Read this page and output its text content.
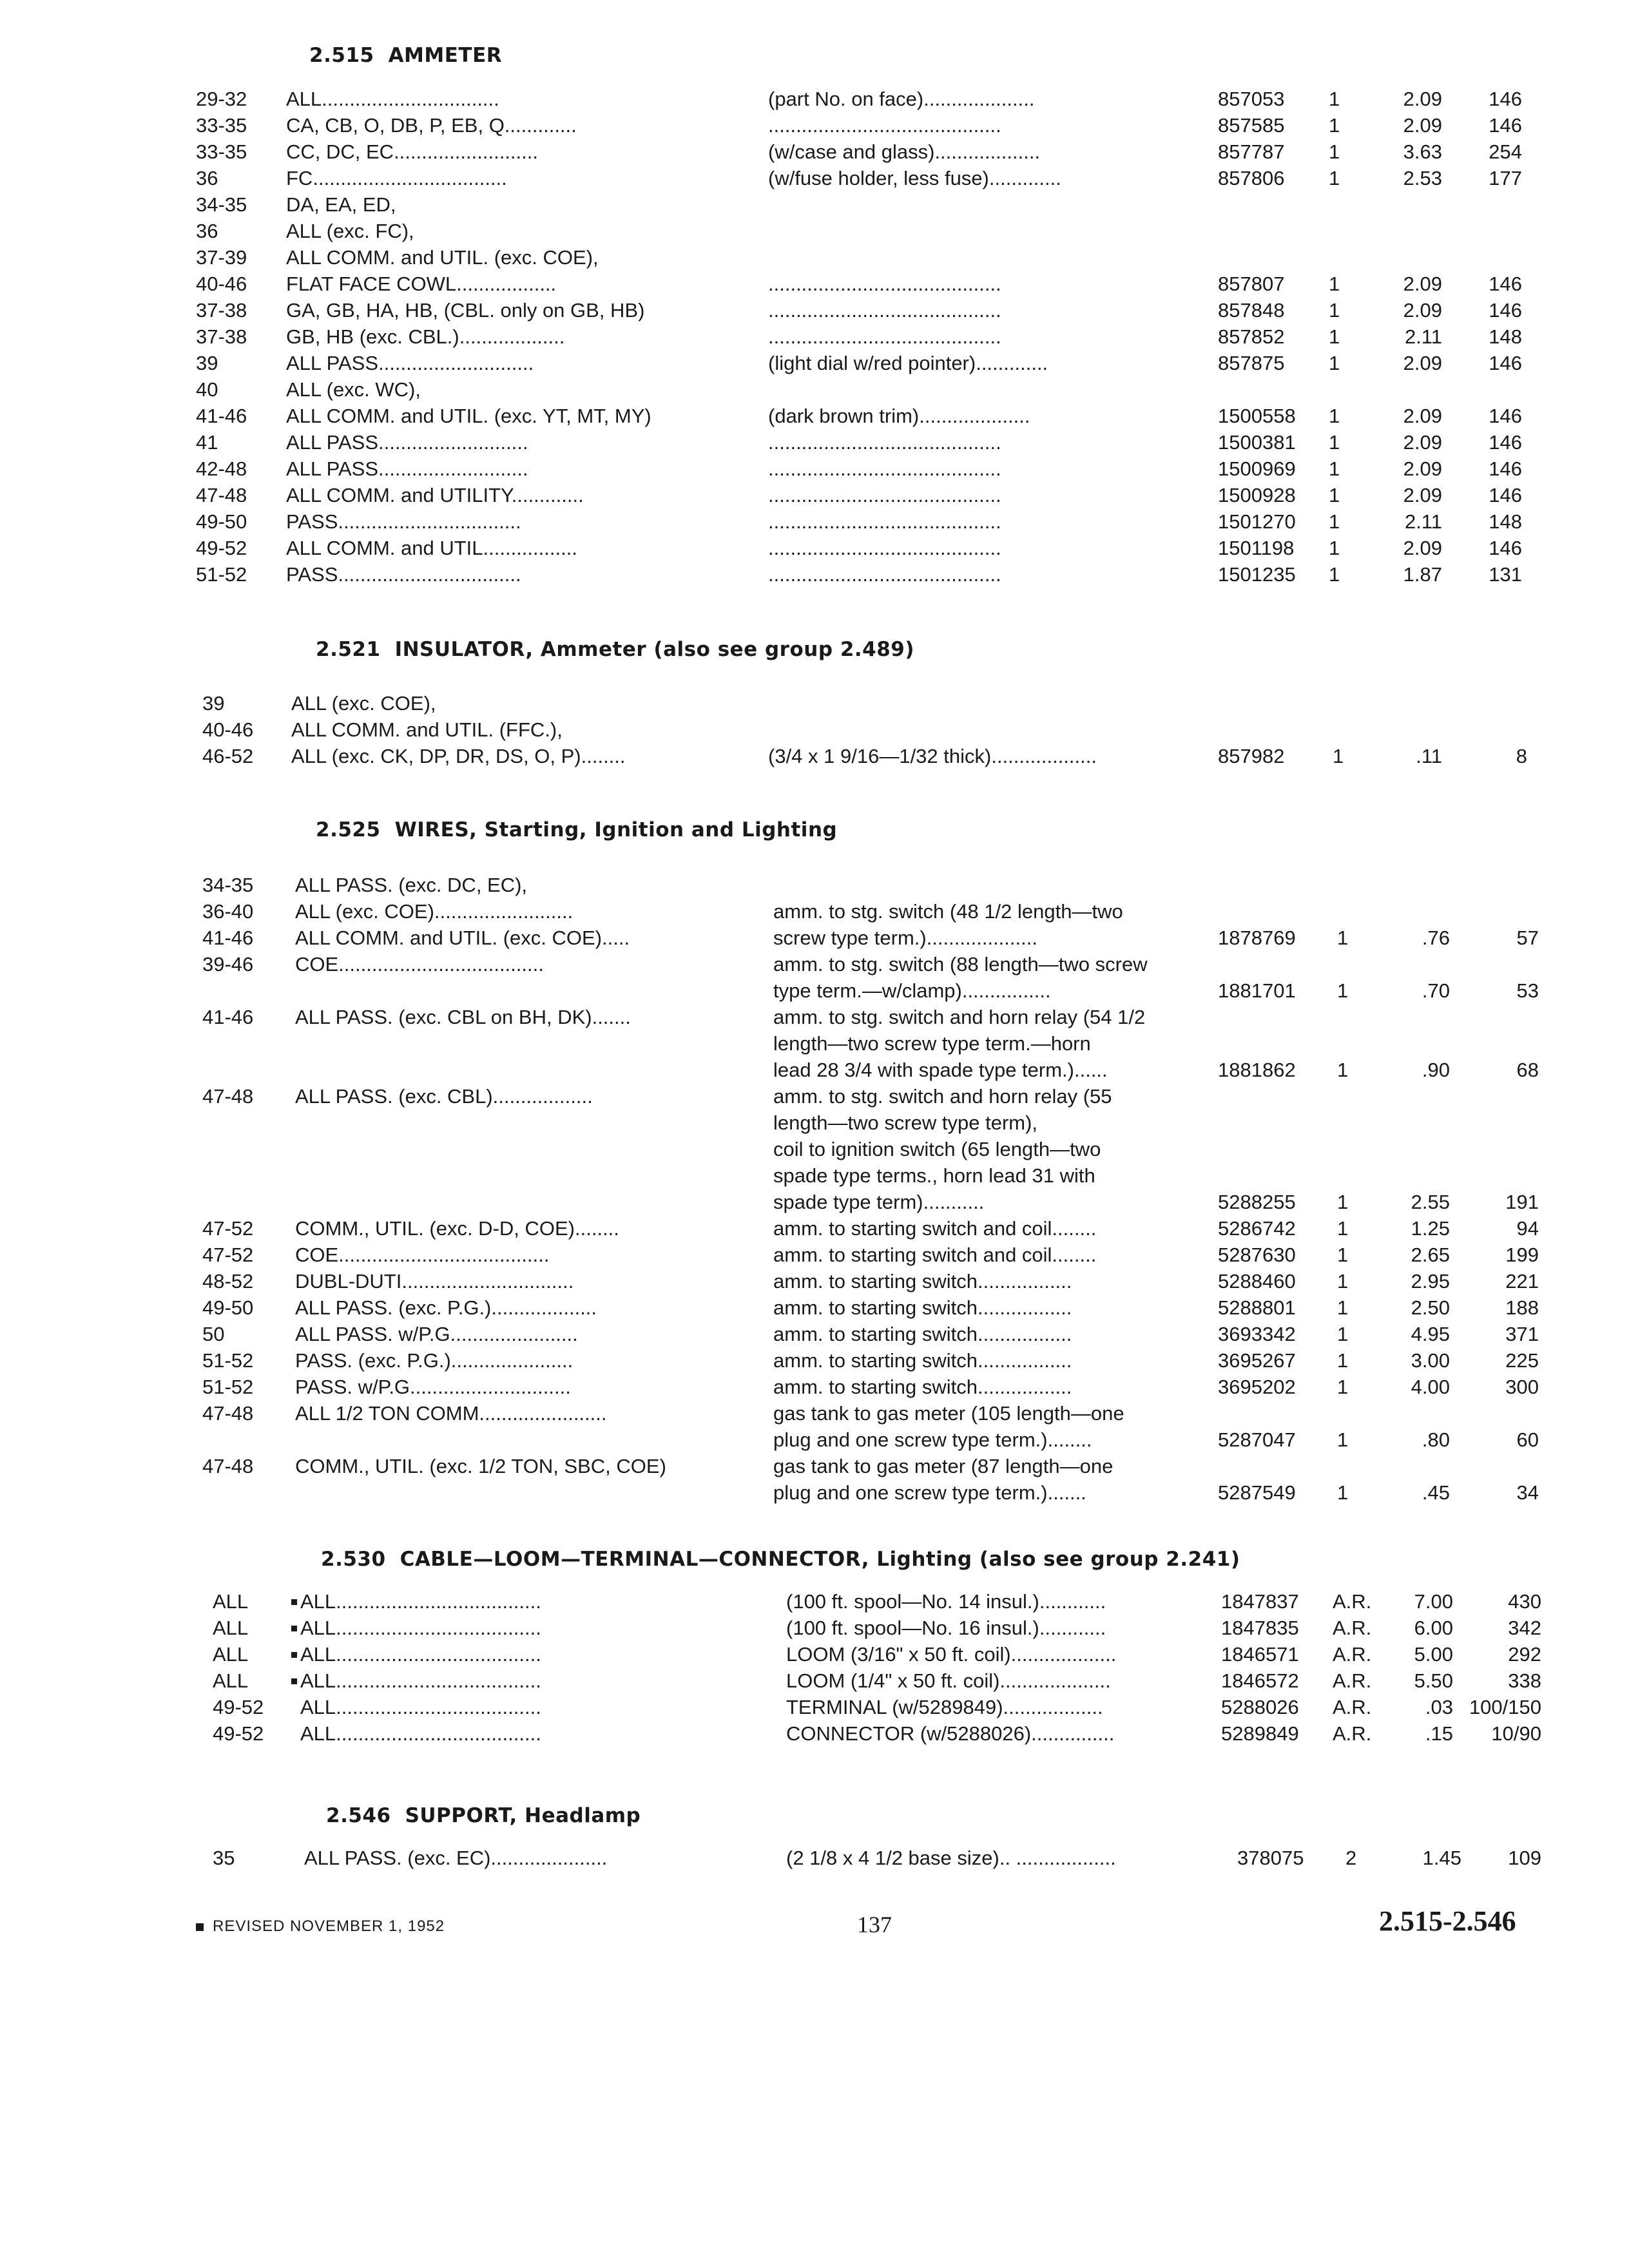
2.515 AMMETER
29-32	ALL................................	(part No. on face)....................	857053 1	2.09 146
33-35	CA, CB, O, DB, P, EB, Q.............	..........................................	857585 1	2.09 146
33-35	CC, DC, EC..........................	(w/case and glass)...................	857787 1	3.63 254
36	FC...................................	(w/fuse holder, less fuse).............	857806 1	2.53 177
34-35	DA, EA, ED,
36	ALL (exc. FC),
37-39	ALL COMM. and UTIL. (exc. COE),
40-46	FLAT FACE COWL..................	..........................................	857807 1	2.09 146
37-38	GA, GB, HA, HB, (CBL. only on GB, HB)	..........................................	857848 1	2.09 146
37-38	GB, HB (exc. CBL.)...................	..........................................	857852 1	2.11 148
39	ALL PASS............................	(light dial w/red pointer).............	857875 1	2.09 146
40	ALL (exc. WC),
41-46	ALL COMM. and UTIL. (exc. YT, MT, MY)	(dark brown trim)....................	1500558 1	2.09 146
41	ALL PASS...........................	..........................................	1500381 1	2.09 146
42-48	ALL PASS...........................	..........................................	1500969 1	2.09 146
47-48	ALL COMM. and UTILITY.............	..........................................	1500928 1	2.09 146
49-50	PASS.................................	..........................................	1501270 1	2.11 148
49-52	ALL COMM. and UTIL.................	..........................................	1501198 1	2.09 146
51-52	PASS.................................	..........................................	1501235 1	1.87 131
2.521 INSULATOR, Ammeter (also see group 2.489)
39	ALL (exc. COE),
40-46	ALL COMM. and UTIL. (FFC.),
46-52	ALL (exc. CK, DP, DR, DS, O, P)........	(3/4 x 1 9/16—1/32 thick)...................	857982 1	.11	8
2.525 WIRES, Starting, Ignition and Lighting
34-35	ALL PASS. (exc. DC, EC),
36-40	ALL (exc. COE).........................	amm. to stg. switch (48 1/2 length—two
41-46	ALL COMM. and UTIL. (exc. COE).....	screw type term.)....................	1878769 1	.76	57
39-46	COE.....................................	amm. to stg. switch (88 length—two screw
type term.—w/clamp)................	1881701 1	.70	53
41-46	ALL PASS. (exc. CBL on BH, DK).......	amm. to stg. switch and horn relay (54 1/2
length—two screw type term.—horn
lead 28 3/4 with spade type term.)......	1881862 1	.90	68
47-48	ALL PASS. (exc. CBL)..................	amm. to stg. switch and horn relay (55
length—two screw type term),
coil to ignition switch (65 length—two
spade type terms., horn lead 31 with
spade type term)...........	5288255 1	2.55	191
47-52	COMM., UTIL. (exc. D-D, COE)........	amm. to starting switch and coil........	5286742 1	1.25	94
47-52	COE......................................	amm. to starting switch and coil........	5287630 1	2.65	199
48-52	DUBL-DUTI...............................	amm. to starting switch.................	5288460 1	2.95	221
49-50	ALL PASS. (exc. P.G.)...................	amm. to starting switch.................	5288801 1	2.50	188
50	ALL PASS. w/P.G.......................	amm. to starting switch.................	3693342 1	4.95	371
51-52	PASS. (exc. P.G.)......................	amm. to starting switch.................	3695267 1	3.00	225
51-52	PASS. w/P.G.............................	amm. to starting switch.................	3695202 1	4.00	300
47-48	ALL 1/2 TON COMM.......................	gas tank to gas meter (105 length—one
plug and one screw type term.)........	5287047 1	.80	60
47-48	COMM., UTIL. (exc. 1/2 TON, SBC, COE)	gas tank to gas meter (87 length—one
plug and one screw type term.).......	5287549 1	.45	34
2.530 CABLE—LOOM—TERMINAL—CONNECTOR, Lighting (also see group 2.241)
ALL	ALL.....................................	(100 ft. spool—No. 14 insul.)............	1847837 A.R. 7.00	430
ALL	ALL.....................................	(100 ft. spool—No. 16 insul.)............	1847835 A.R. 6.00	342
ALL	ALL.....................................	LOOM (3/16" x 50 ft. coil)...................	1846571 A.R. 5.00	292
ALL	ALL.....................................	LOOM (1/4" x 50 ft. coil)....................	1846572 A.R. 5.50	338
49-52	ALL.....................................	TERMINAL (w/5289849)..................	5288026 A.R.	.03 100/150
49-52	ALL.....................................	CONNECTOR (w/5288026)...............	5289849 A.R.	.15 10/90
2.546 SUPPORT, Headlamp
35	ALL PASS. (exc. EC).....................	(2 1/8 x 4 1/2 base size).. ..................	378075 2	1.45 109
REVISED NOVEMBER 1, 1952	137	2.515-2.546
